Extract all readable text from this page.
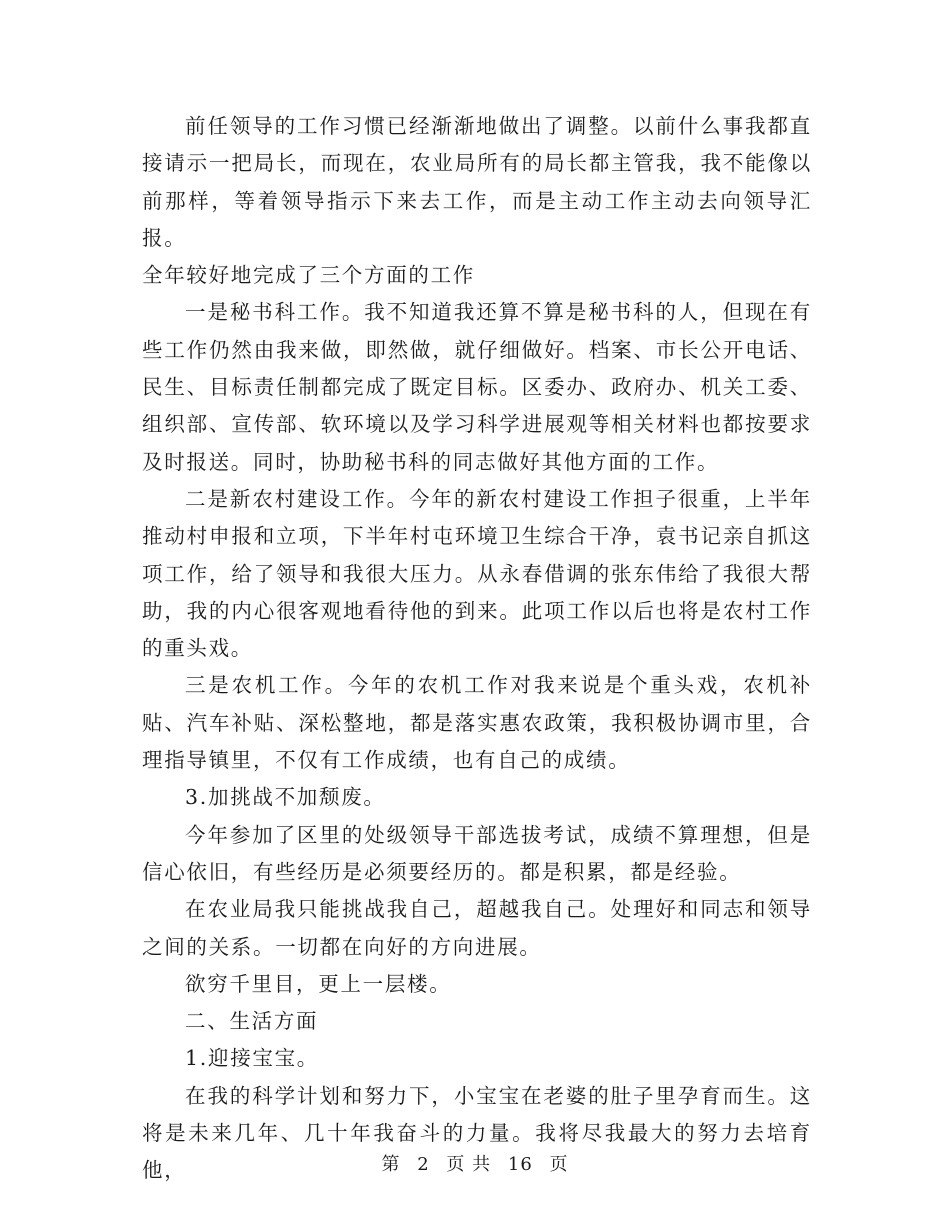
前任领导的工作习惯已经渐渐地做出了调整。以前什么事我都直接请示一把局长，而现在，农业局所有的局长都主管我，我不能像以前那样，等着领导指示下来去工作，而是主动工作主动去向领导汇报。

全年较好地完成了三个方面的工作

一是秘书科工作。我不知道我还算不算是秘书科的人，但现在有些工作仍然由我来做，即然做，就仔细做好。档案、市长公开电话、民生、目标责任制都完成了既定目标。区委办、政府办、机关工委、组织部、宣传部、软环境以及学习科学进展观等相关材料也都按要求及时报送。同时，协助秘书科的同志做好其他方面的工作。

二是新农村建设工作。今年的新农村建设工作担子很重，上半年推动村申报和立项，下半年村屯环境卫生综合干净，袁书记亲自抓这项工作，给了领导和我很大压力。从永春借调的张东伟给了我很大帮助，我的内心很客观地看待他的到来。此项工作以后也将是农村工作的重头戏。

三是农机工作。今年的农机工作对我来说是个重头戏，农机补贴、汽车补贴、深松整地，都是落实惠农政策，我积极协调市里，合理指导镇里，不仅有工作成绩，也有自己的成绩。

3.加挑战不加颓废。

今年参加了区里的处级领导干部选拔考试，成绩不算理想，但是信心依旧，有些经历是必须要经历的。都是积累，都是经验。

在农业局我只能挑战我自己，超越我自己。处理好和同志和领导之间的关系。一切都在向好的方向进展。

欲穷千里目，更上一层楼。

二、生活方面

1.迎接宝宝。

在我的科学计划和努力下，小宝宝在老婆的肚子里孕育而生。这将是未来几年、几十年我奋斗的力量。我将尽我最大的努力去培育他，	第 2 页 共 16 页
